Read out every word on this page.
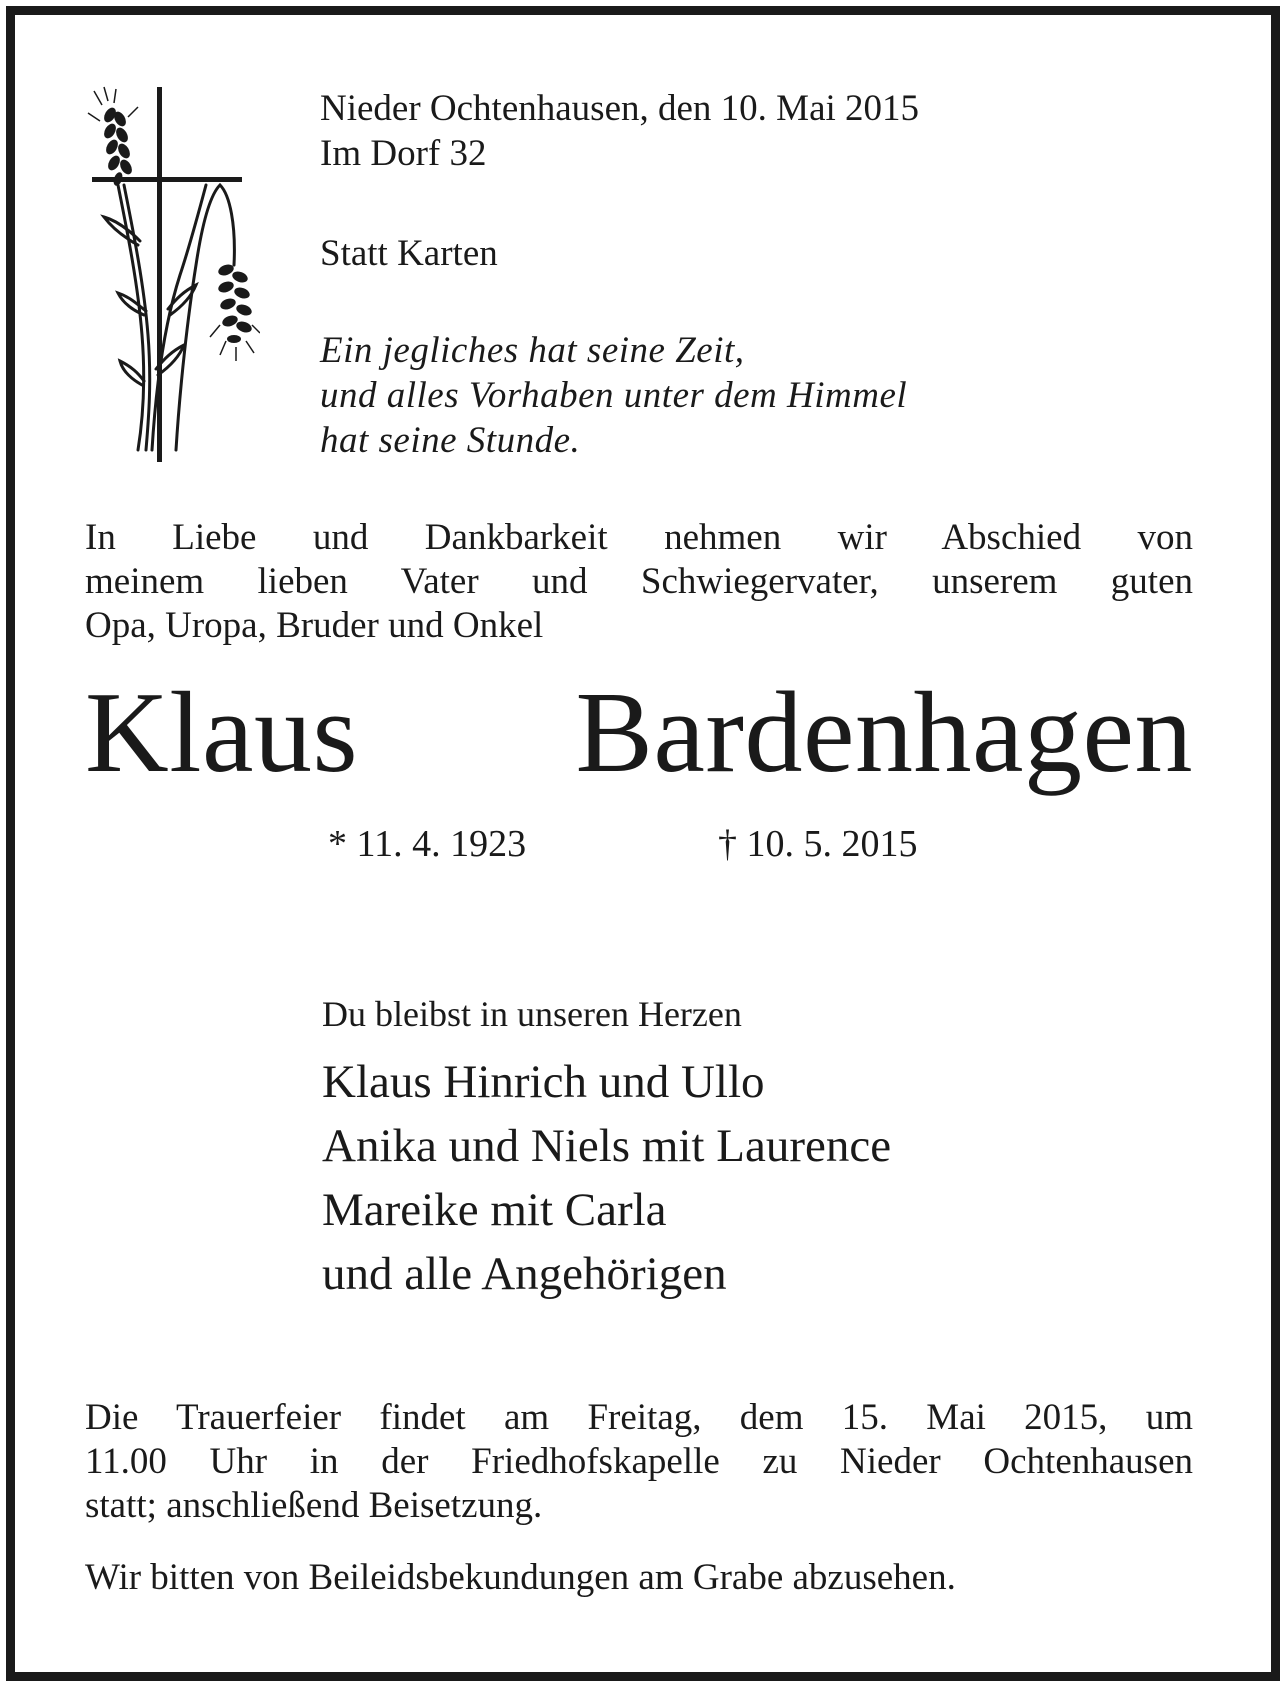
Nieder Ochtenhausen, den 10. Mai 2015
Im Dorf 32
Statt Karten
Ein jegliches hat seine Zeit,
und alles Vorhaben unter dem Himmel
hat seine Stunde.
In Liebe und Dankbarkeit nehmen wir Abschied von
meinem lieben Vater und Schwiegervater, unserem guten
Opa, Uropa, Bruder und Onkel
Klaus Bardenhagen
* 11. 4. 1923	† 10. 5. 2015
Du bleibst in unseren Herzen
Klaus Hinrich und Ullo
Anika und Niels mit Laurence
Mareike mit Carla
und alle Angehörigen
Die Trauerfeier findet am Freitag, dem 15. Mai 2015, um
11.00 Uhr in der Friedhofskapelle zu Nieder Ochtenhausen
statt; anschließend Beisetzung.
Wir bitten von Beileidsbekundungen am Grabe abzusehen.
